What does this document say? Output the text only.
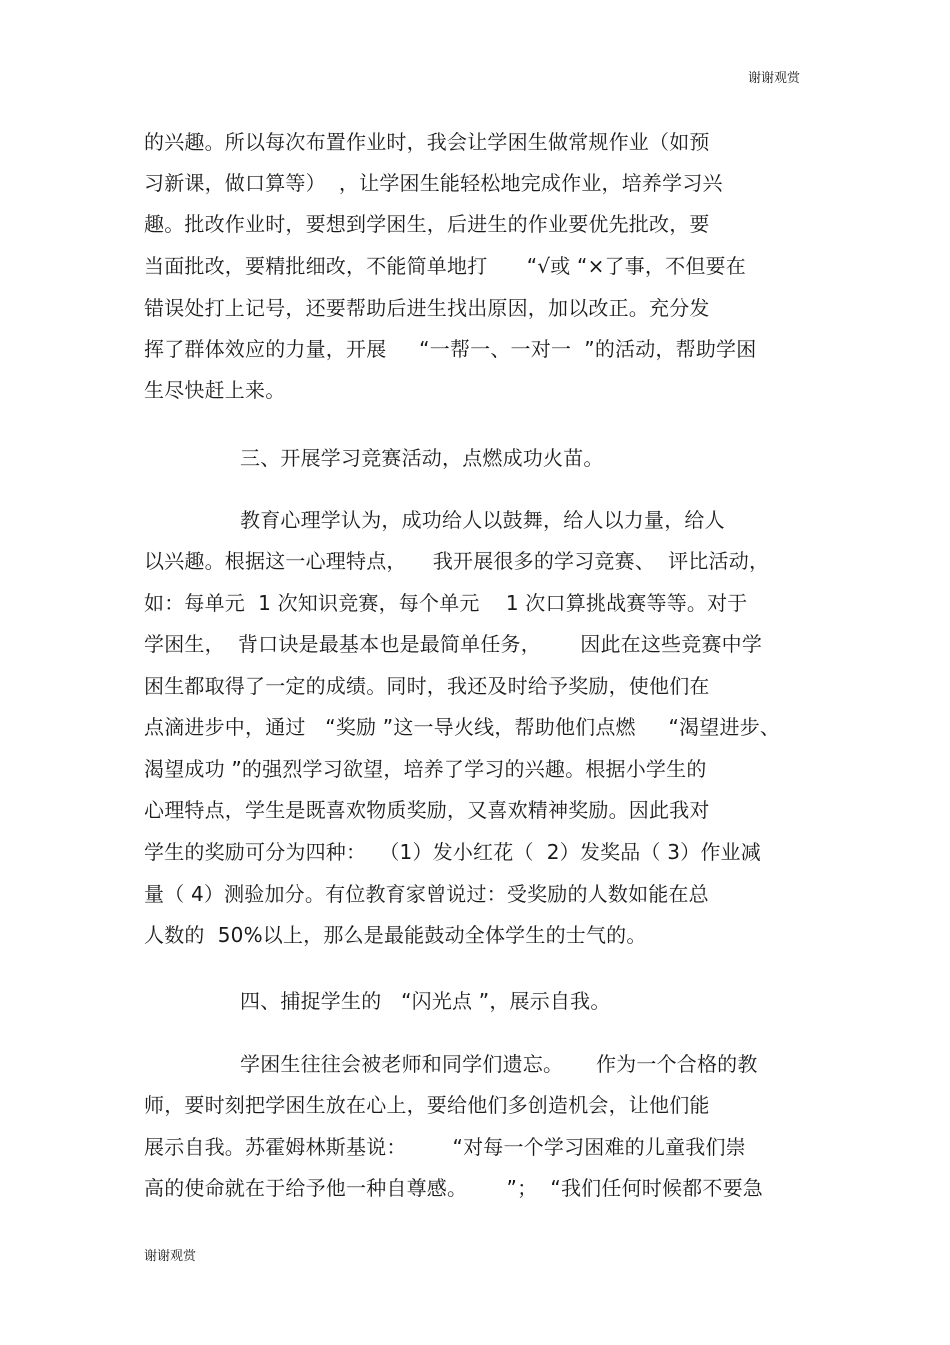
谢谢观赏
的兴趣。所以每次布置作业时，我会让学困生做常规作业（如预
习新课，做口算等）  ，让学困生能轻松地完成作业，培养学习兴
趣。批改作业时，要想到学困生，后进生的作业要优先批改，要
当面批改，要精批细改，不能简单地打      “√或 “×了事，不但要在
错误处打上记号，还要帮助后进生找出原因，加以改正。充分发
挥了群体效应的力量，开展     “一帮一、一对一  ”的活动，帮助学困
生尽快赶上来。
三、开展学习竞赛活动，点燃成功火苗。
教育心理学认为，成功给人以鼓舞，给人以力量，给人
以兴趣。根据这一心理特点，    我开展很多的学习竞赛、  评比活动，
如：每单元  1 次知识竞赛，每个单元    1 次口算挑战赛等等。对于
学困生，  背口诀是最基本也是最简单任务，      因此在这些竞赛中学
困生都取得了一定的成绩。同时，我还及时给予奖励，使他们在
点滴进步中，通过   “奖励 ”这一导火线，帮助他们点燃     “渴望进步、
渴望成功 ”的强烈学习欲望，培养了学习的兴趣。根据小学生的
心理特点，学生是既喜欢物质奖励，又喜欢精神奖励。因此我对
学生的奖励可分为四种：  （1）发小红花（  2）发奖品（ 3）作业减
量（ 4）测验加分。有位教育家曾说过：受奖励的人数如能在总
人数的  50%以上，那么是最能鼓动全体学生的士气的。
四、捕捉学生的   “闪光点 ”，展示自我。
学困生往往会被老师和同学们遗忘。     作为一个合格的教
师，要时刻把学困生放在心上，要给他们多创造机会，让他们能
展示自我。苏霍姆林斯基说：       “对每一个学习困难的儿童我们崇
高的使命就在于给予他一种自尊感。      ”；  “我们任何时候都不要急
谢谢观赏
